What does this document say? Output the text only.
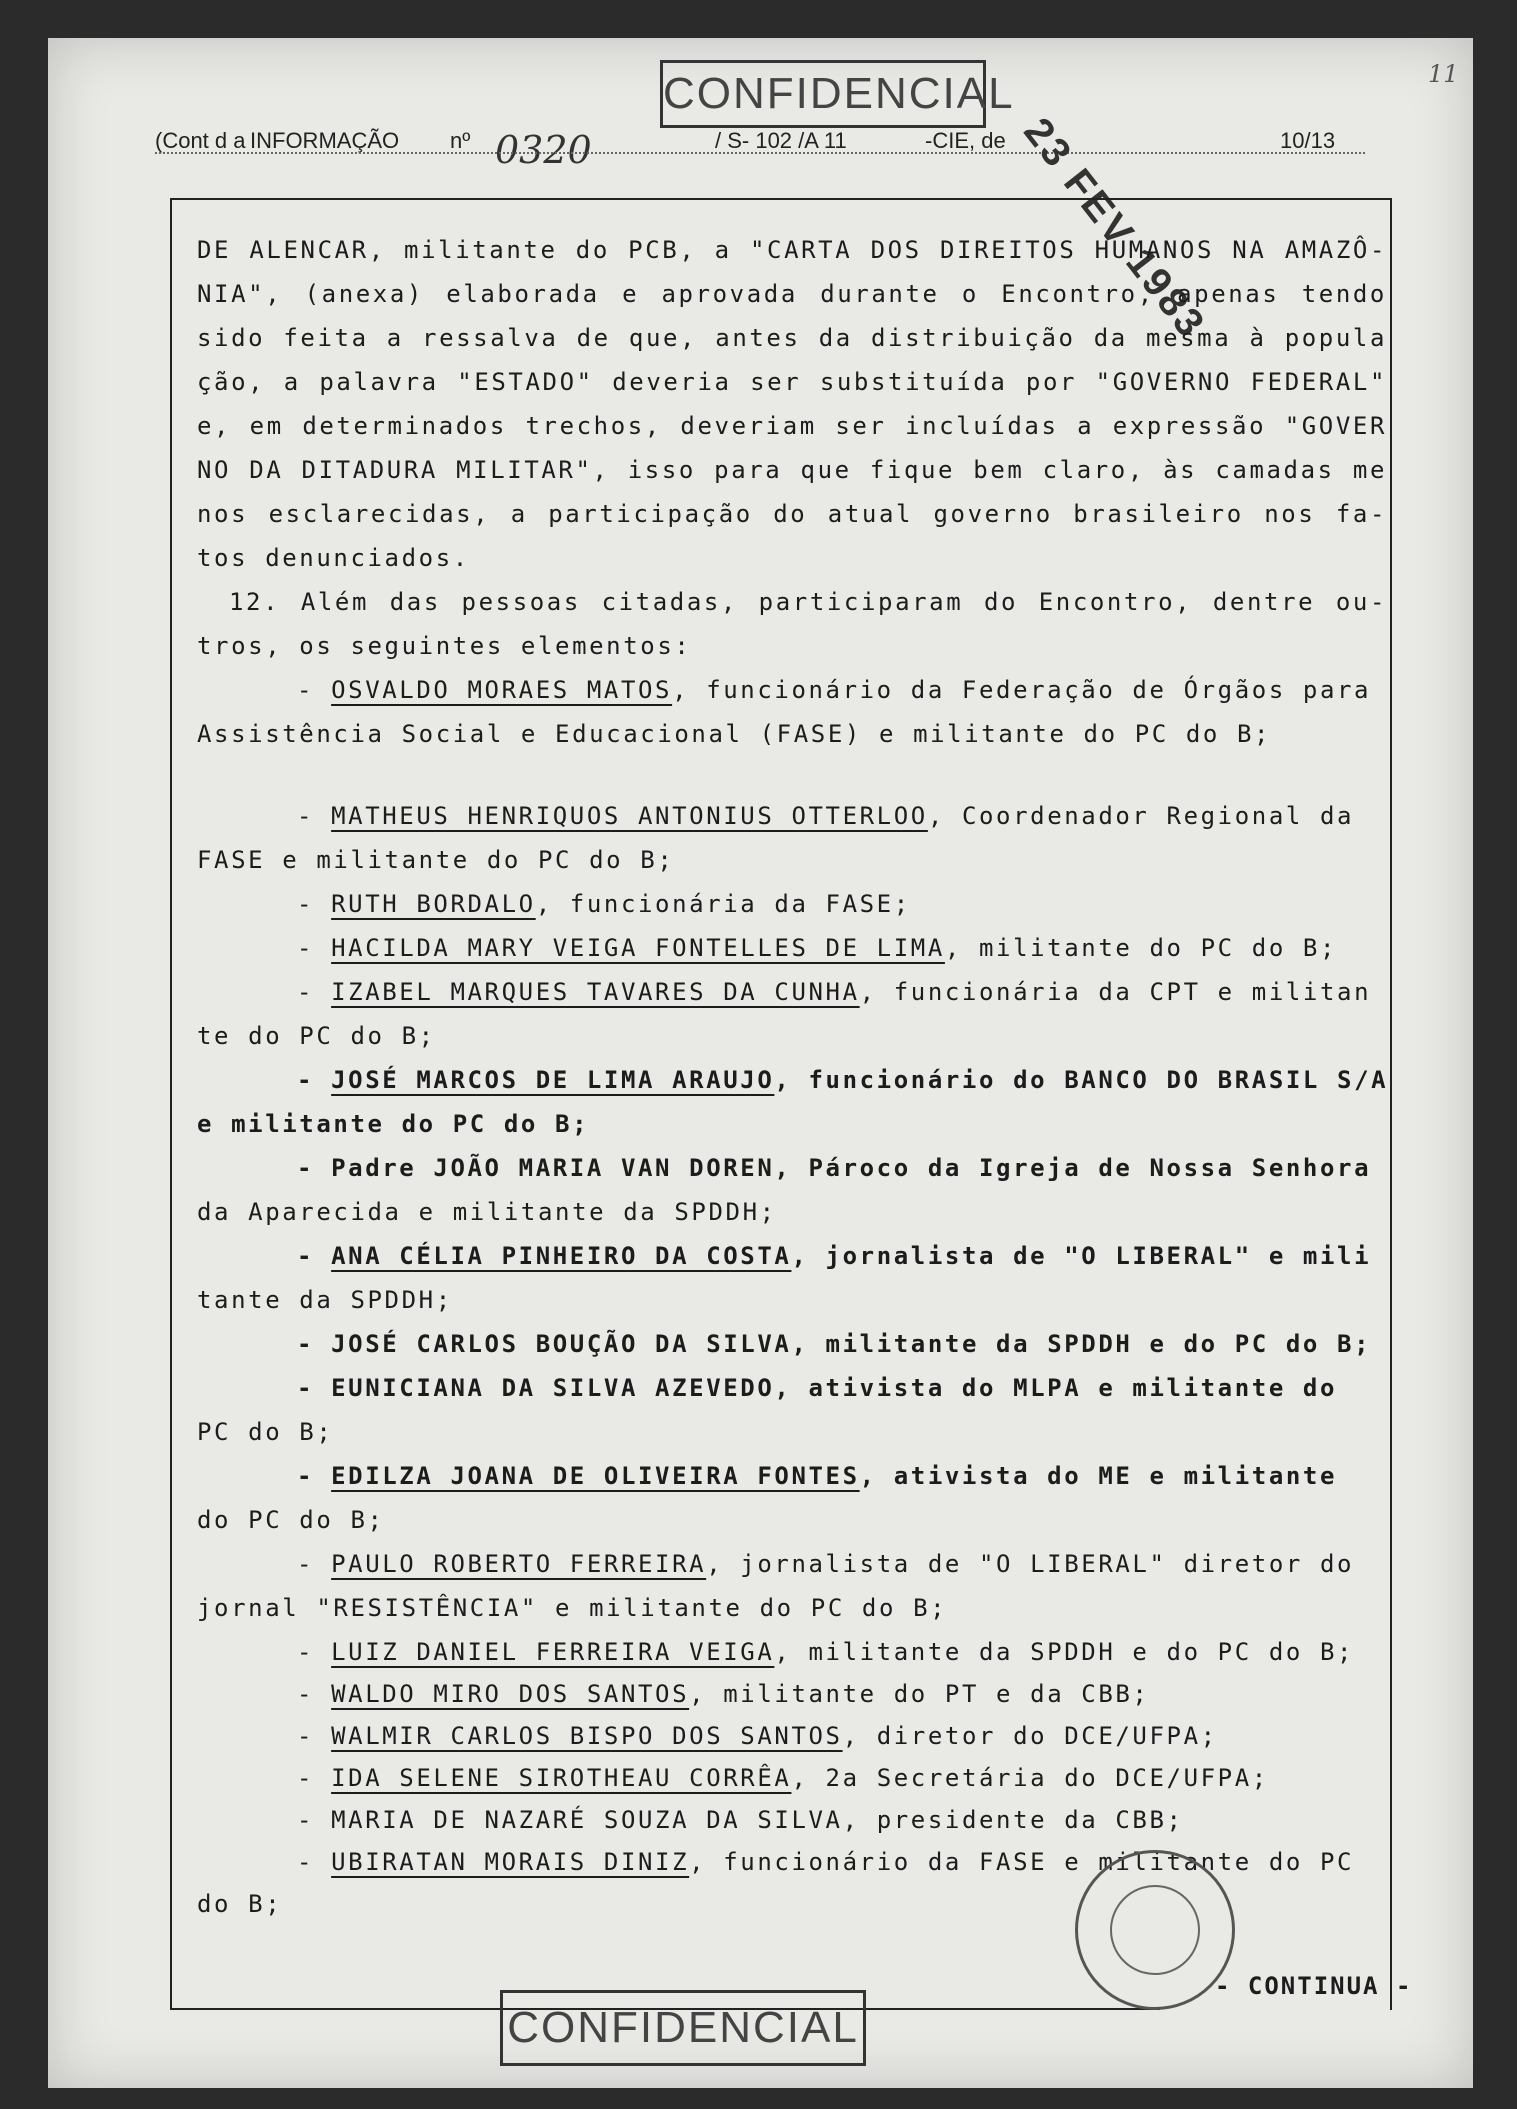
CONFIDENCIAL	11
(Cont d a INFORMAÇÃO nº 0320	/ S- 102 /A 11	-CIE, de	10/13
23 FEV 1983
DE ALENCAR, militante do PCB, a "CARTA DOS DIREITOS HUMANOS NA AMAZÔ-
NIA", (anexa) elaborada e aprovada durante o Encontro, apenas tendo
sido feita a ressalva de que, antes da distribuição da mesma à popula
ção, a palavra "ESTADO" deveria ser substituída por "GOVERNO FEDERAL"
e, em determinados trechos, deveriam ser incluídas a expressão "GOVER
NO DA DITADURA MILITAR", isso para que fique bem claro, às camadas me
nos esclarecidas, a participação do atual governo brasileiro nos fa-
tos denunciados.
12. Além das pessoas citadas, participaram do Encontro, dentre ou-
tros, os seguintes elementos:
- OSVALDO MORAES MATOS, funcionário da Federação de Órgãos para
Assistência Social e Educacional (FASE) e militante do PC do B;
- MATHEUS HENRIQUOS ANTONIUS OTTERLOO, Coordenador Regional da
FASE e militante do PC do B;
- RUTH BORDALO, funcionária da FASE;
- HACILDA MARY VEIGA FONTELLES DE LIMA, militante do PC do B;
- IZABEL MARQUES TAVARES DA CUNHA, funcionária da CPT e militan
te do PC do B;
- JOSÉ MARCOS DE LIMA ARAUJO, funcionário do BANCO DO BRASIL S/A
e militante do PC do B;
- Padre JOÃO MARIA VAN DOREN, Pároco da Igreja de Nossa Senhora
da Aparecida e militante da SPDDH;
- ANA CÉLIA PINHEIRO DA COSTA, jornalista de "O LIBERAL" e mili
tante da SPDDH;
- JOSÉ CARLOS BOUÇÃO DA SILVA, militante da SPDDH e do PC do B;
- EUNICIANA DA SILVA AZEVEDO, ativista do MLPA e militante do
PC do B;
- EDILZA JOANA DE OLIVEIRA FONTES, ativista do ME e militante
do PC do B;
- PAULO ROBERTO FERREIRA, jornalista de "O LIBERAL" diretor do
jornal "RESISTÊNCIA" e militante do PC do B;
- LUIZ DANIEL FERREIRA VEIGA, militante da SPDDH e do PC do B;
- WALDO MIRO DOS SANTOS, militante do PT e da CBB;
- WALMIR CARLOS BISPO DOS SANTOS, diretor do DCE/UFPA;
- IDA SELENE SIROTHEAU CORRÊA, 2a Secretária do DCE/UFPA;
- MARIA DE NAZARÉ SOUZA DA SILVA, presidente da CBB;
- UBIRATAN MORAIS DINIZ, funcionário da FASE e militante do PC
do B;
- CONTINUA -
CONFIDENCIAL
